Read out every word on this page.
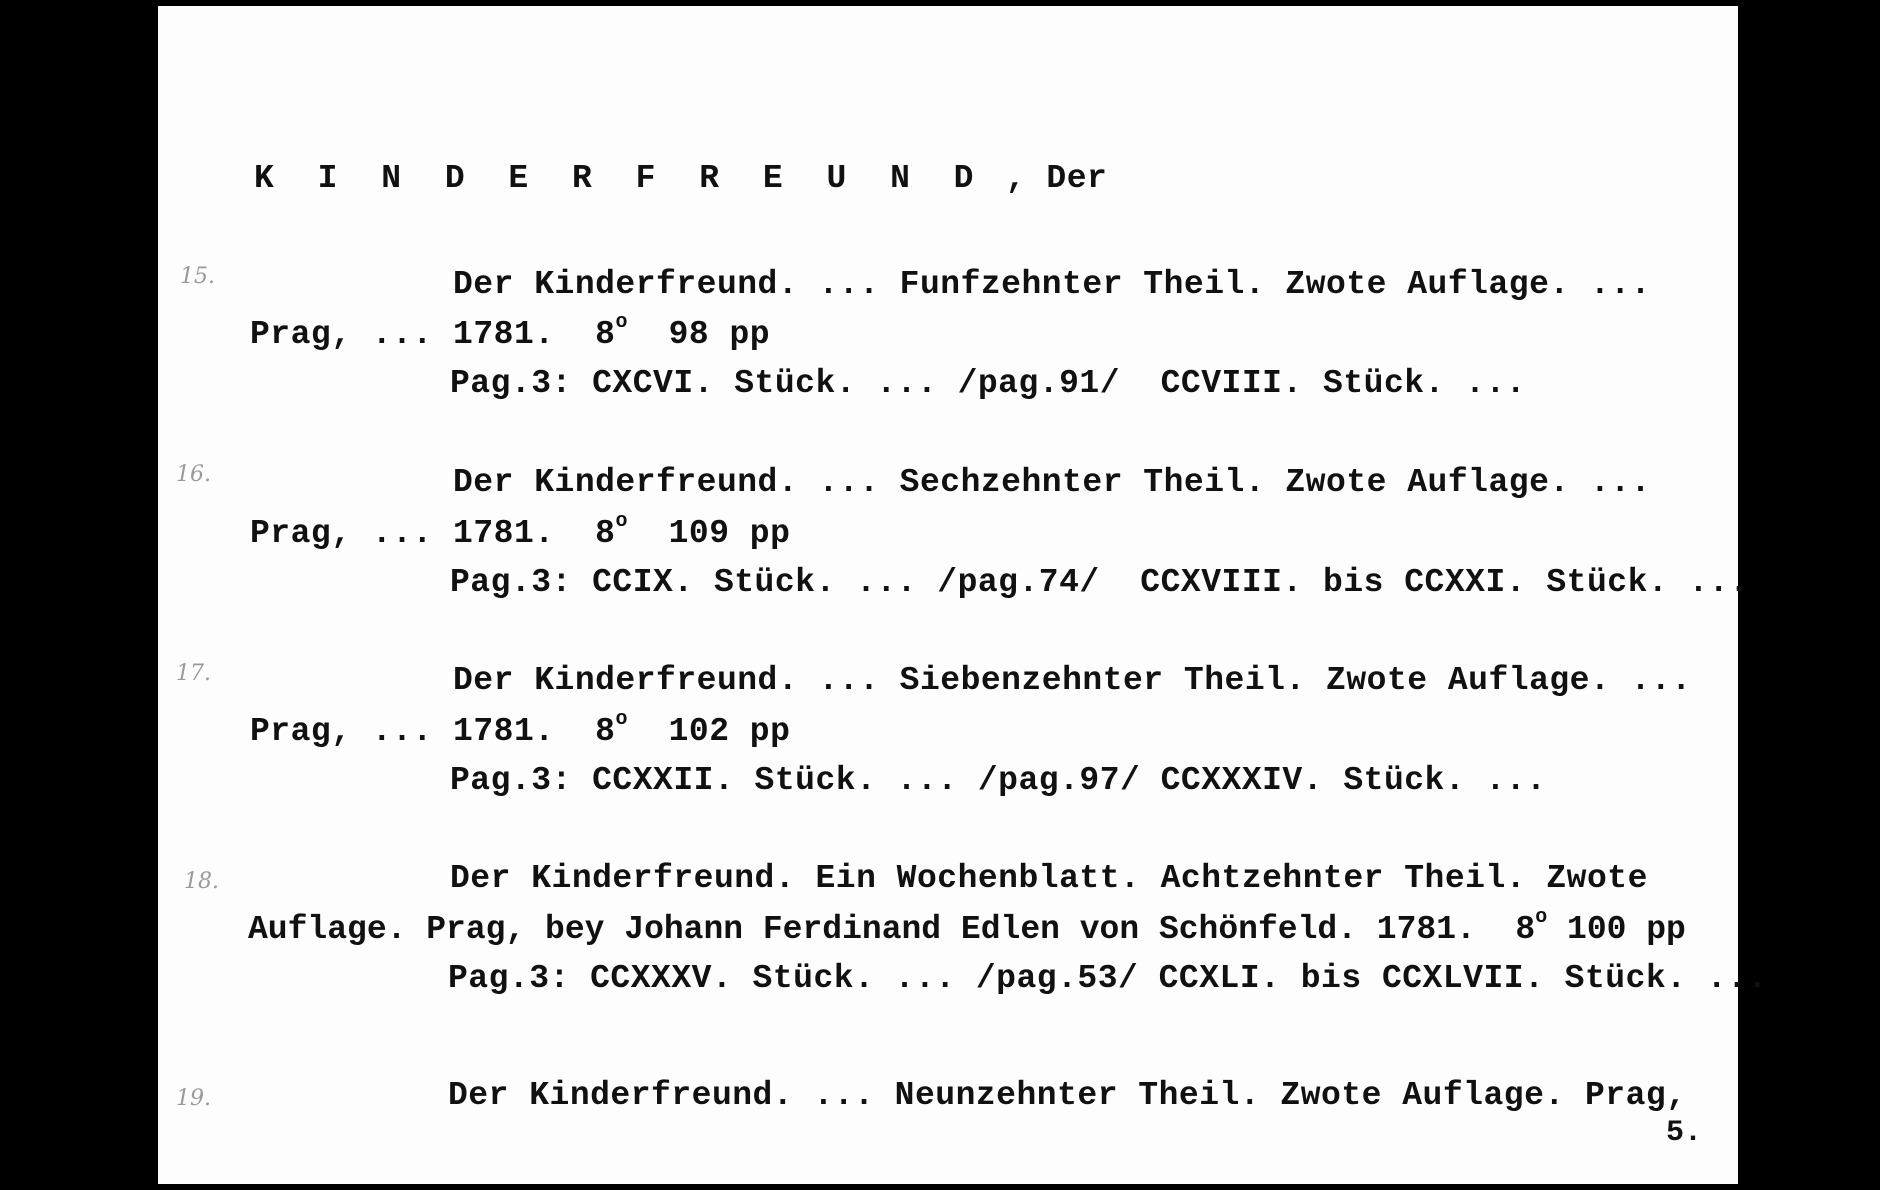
K I N D E R F R E U N D , Der
15.	Der Kinderfreund. ... Funfzehnter Theil. Zwote Auflage. ...
Prag, ... 1781.  8$^o$  98 pp
Pag.3: CXCVI. Stück. ... /pag.91/  CCVIII. Stück. ...
16.	Der Kinderfreund. ... Sechzehnter Theil. Zwote Auflage. ...
Prag, ... 1781.  8$^o$  109 pp
Pag.3: CCIX. Stück. ... /pag.74/  CCXVIII. bis CCXXI. Stück. ...
17.	Der Kinderfreund. ... Siebenzehnter Theil. Zwote Auflage. ...
Prag, ... 1781.  8$^o$  102 pp
Pag.3: CCXXII. Stück. ... /pag.97/ CCXXXIV. Stück. ...
18.	Der Kinderfreund. Ein Wochenblatt. Achtzehnter Theil. Zwote
Auflage. Prag, bey Johann Ferdinand Edlen von Schönfeld. 1781.  8$^o$ 100 pp
Pag.3: CCXXXV. Stück. ... /pag.53/ CCXLI. bis CCXLVII. Stück. ...
19.	Der Kinderfreund. ... Neunzehnter Theil. Zwote Auflage. Prag,
5.
